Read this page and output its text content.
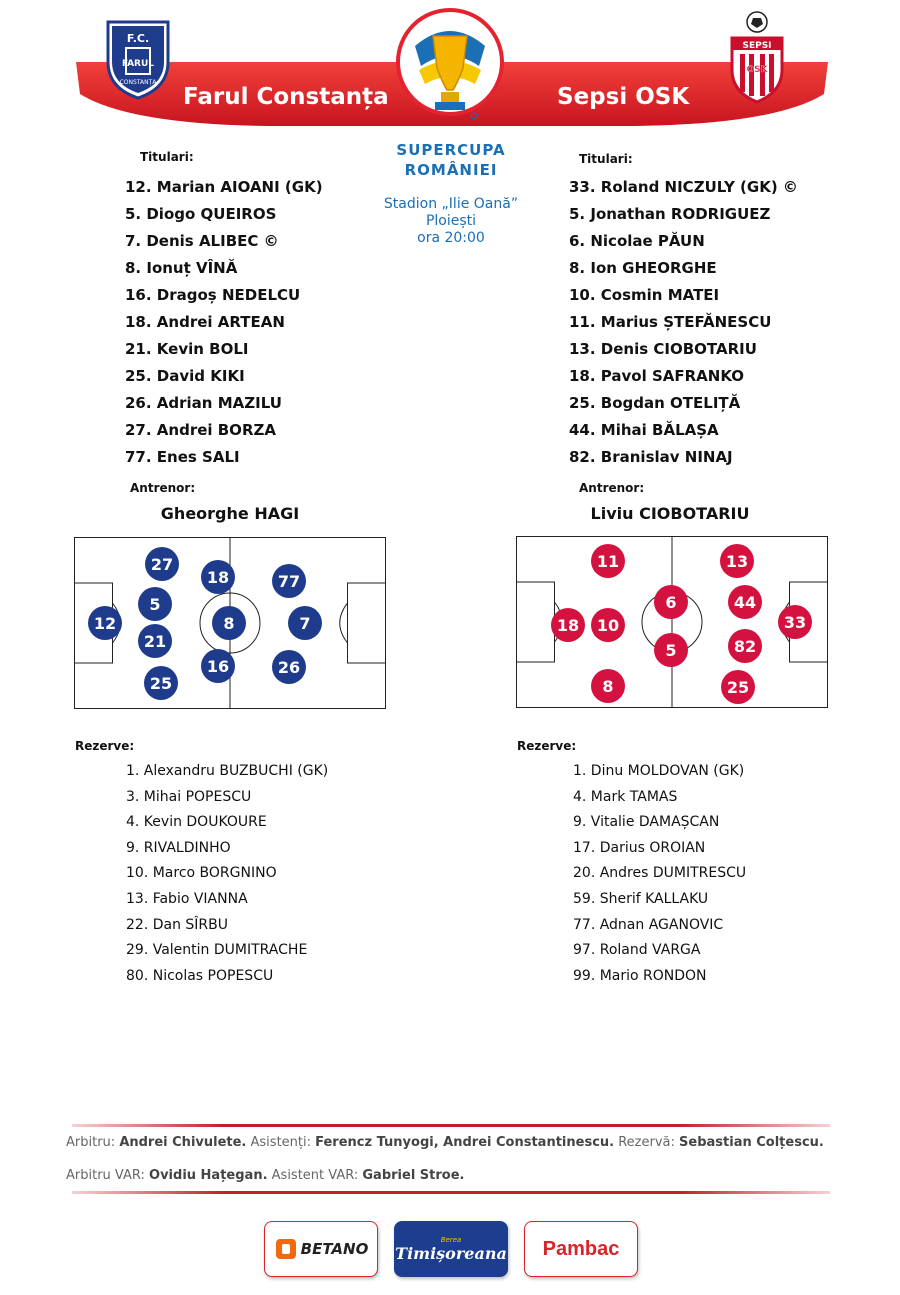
Farul Constanța	Sepsi OSK
F.C.
FARUL
CONSTANȚA
SEPSI
OSK
SUPERCUPA
ROMÂNIEI
Stadion „Ilie Oană”
Ploiești
ora 20:00
Titulari:
12. Marian AIOANI (GK)
5. Diogo QUEIROS
7. Denis ALIBEC ©
8. Ionuț VÎNĂ
16. Dragoș NEDELCU
18. Andrei ARTEAN
21. Kevin BOLI
25. David KIKI
26. Adrian MAZILU
27. Andrei BORZA
77. Enes SALI
Antrenor:
Gheorghe HAGI
Titulari:
33. Roland NICZULY (GK) ©
5. Jonathan RODRIGUEZ
6. Nicolae PĂUN
8. Ion GHEORGHE
10. Cosmin MATEI
11. Marius ȘTEFĂNESCU
13. Denis CIOBOTARIU
18. Pavol SAFRANKO
25. Bogdan OTELIȚĂ
44. Mihai BĂLAȘA
82. Branislav NINAJ
Antrenor:
Liviu CIOBOTARIU
12
5
21
27
25
18
8
16
77
7
26
11
18 10
8
6
5
13
44
82
25
33
Rezerve:
1. Alexandru BUZBUCHI (GK)
3. Mihai POPESCU
4. Kevin DOUKOURE
9. RIVALDINHO
10. Marco BORGNINO
13. Fabio VIANNA
22. Dan SÎRBU
29. Valentin DUMITRACHE
80. Nicolas POPESCU
Rezerve:
1. Dinu MOLDOVAN (GK)
4. Mark TAMAS
9. Vitalie DAMAȘCAN
17. Darius OROIAN
20. Andres DUMITRESCU
59. Sherif KALLAKU
77. Adnan AGANOVIC
97. Roland VARGA
99. Mario RONDON
Arbitru: Andrei Chivulete. Asistenți: Ferencz Tunyogi, Andrei Constantinescu. Rezervă: Sebastian Colțescu.
Arbitru VAR: Ovidiu Hațegan. Asistent VAR: Gabriel Stroe.
BETANO
Berea
Timișoreana Pambac
